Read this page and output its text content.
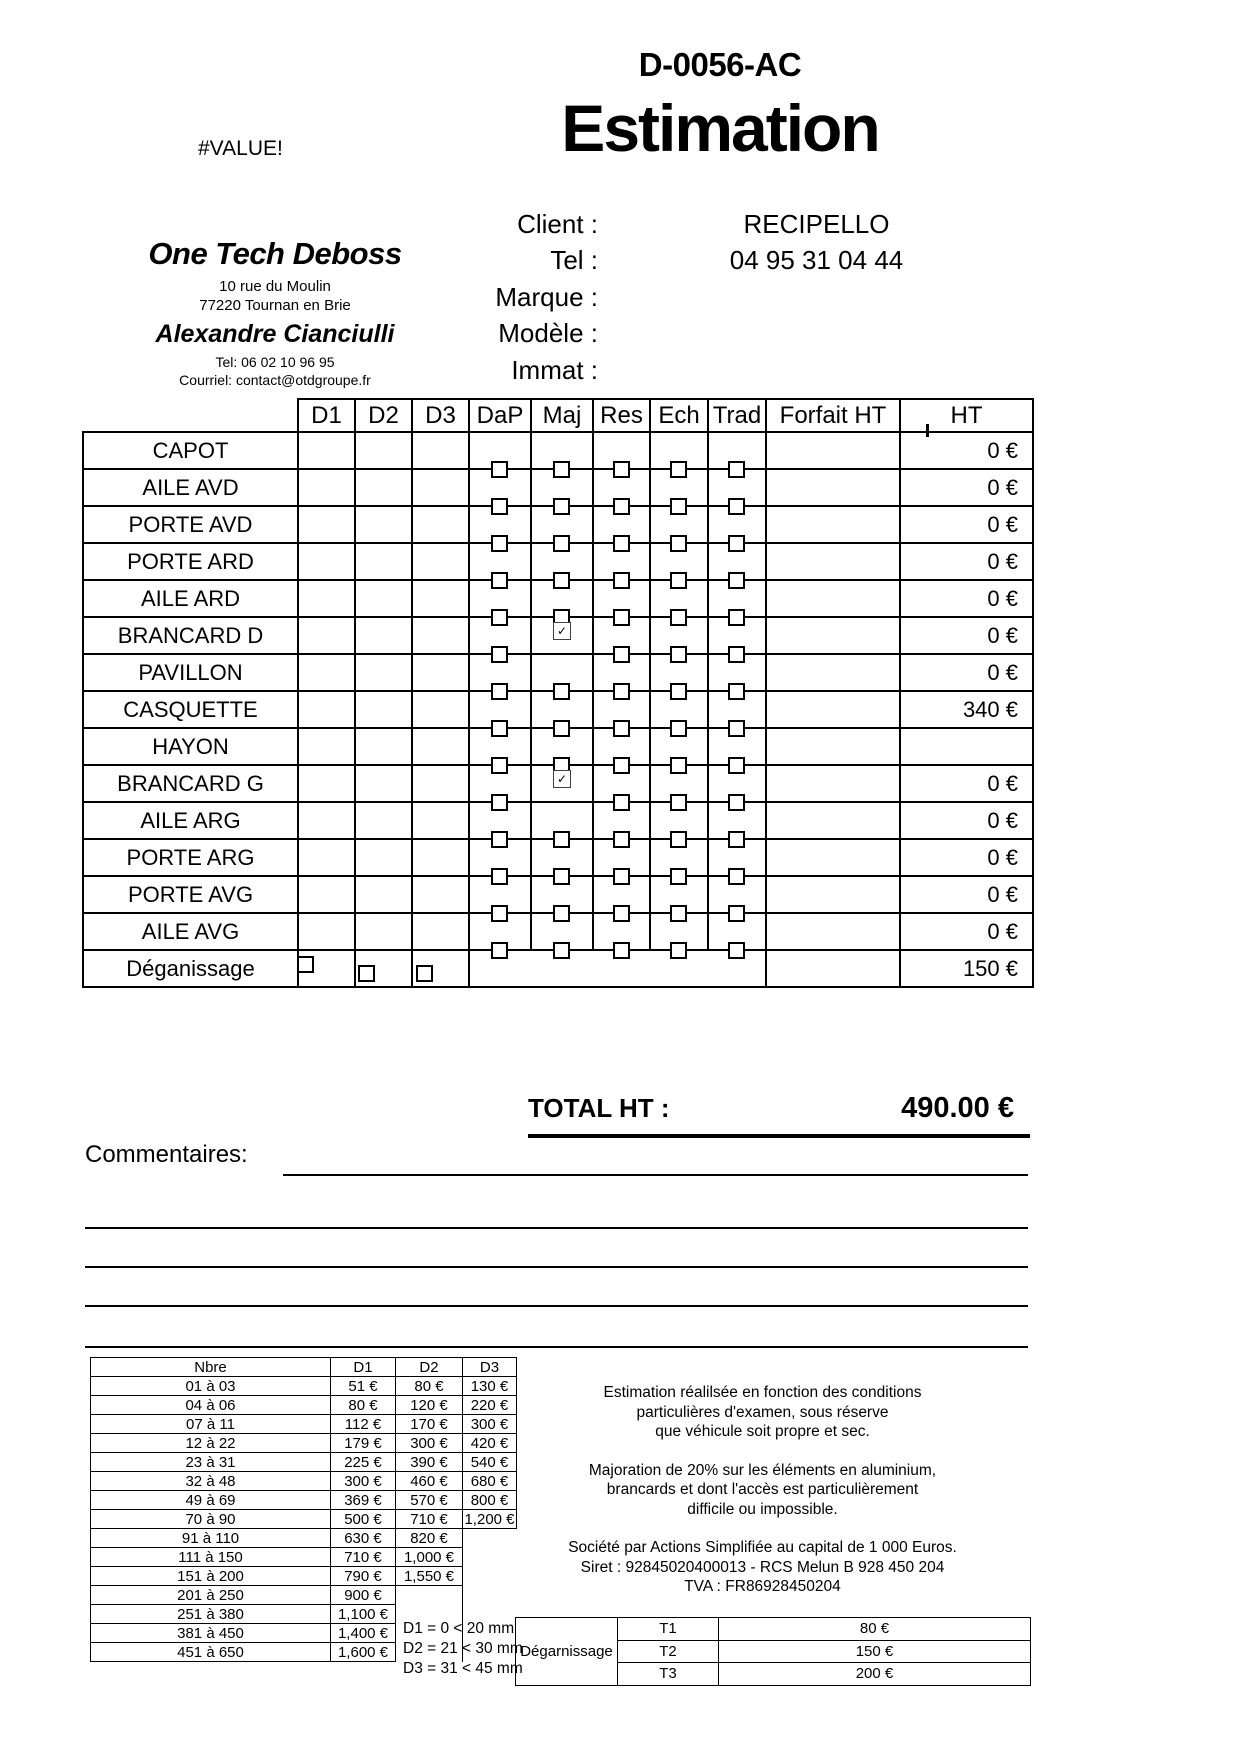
D-0056-AC
#VALUE!	Estimation
One Tech Deboss
10 rue du Moulin
77220 Tournan en Brie
Alexandre Cianciulli
Tel: 06 02 10 96 95
Courriel: contact@otdgroupe.fr
Client :	RECIPELLO
Tel :	04 95 31 04 44
Marque :
Modèle :
Immat :
	D1	D2	D3	DaP	Maj	Res	Ech	Trad	Forfait HT	HT
CAPOT										0 €
AILE AVD										0 €
PORTE AVD										0 €
PORTE ARD										0 €
AILE ARD										0 €
BRANCARD D					✓					0 €
PAVILLON										0 €
CASQUETTE										340 €
HAYON				

BRANCARD G					✓					0 €
AILE ARG										0 €
PORTE ARG										0 €
PORTE AVG										0 €
AILE AVG										0 €
Déganissage										150 €
TOTAL HT :	490.00 €
Commentaires:
Nbre	D1	D2	D3
01 à 03	51 €	80 €	130 €
04 à 06	80 €	120 €	220 €
07 à 11	112 €	170 €	300 €
12 à 22	179 €	300 €	420 €
23 à 31	225 €	390 €	540 €
32 à 48	300 €	460 €	680 €
49 à 69	369 €	570 €	800 €
70 à 90	500 €	710 €	1,200 €
91 à 110	630 €	820 €	
111 à 150	710 €	1,000 €	
151 à 200	790 €	1,550 €	
201 à 250	900 €		
251 à 380	1,100 €		
381 à 450	1,400 €		
451 à 650	1,600 €		
D1 = 0 < 20 mm
D2 = 21 < 30 mm
D3 = 31 < 45 mm
Estimation réalilsée en fonction des conditions
particulières d'examen, sous réserve
que véhicule soit propre et sec.
Majoration de 20% sur les éléments en aluminium,
brancards et dont l'accès est particulièrement
difficile ou impossible.
Société par Actions Simplifiée au capital de 1 000 Euros.
Siret : 92845020400013 - RCS Melun B 928 450 204
TVA : FR86928450204
Dégarnissage	T1	80 €
	T2	150 €
	T3	200 €
